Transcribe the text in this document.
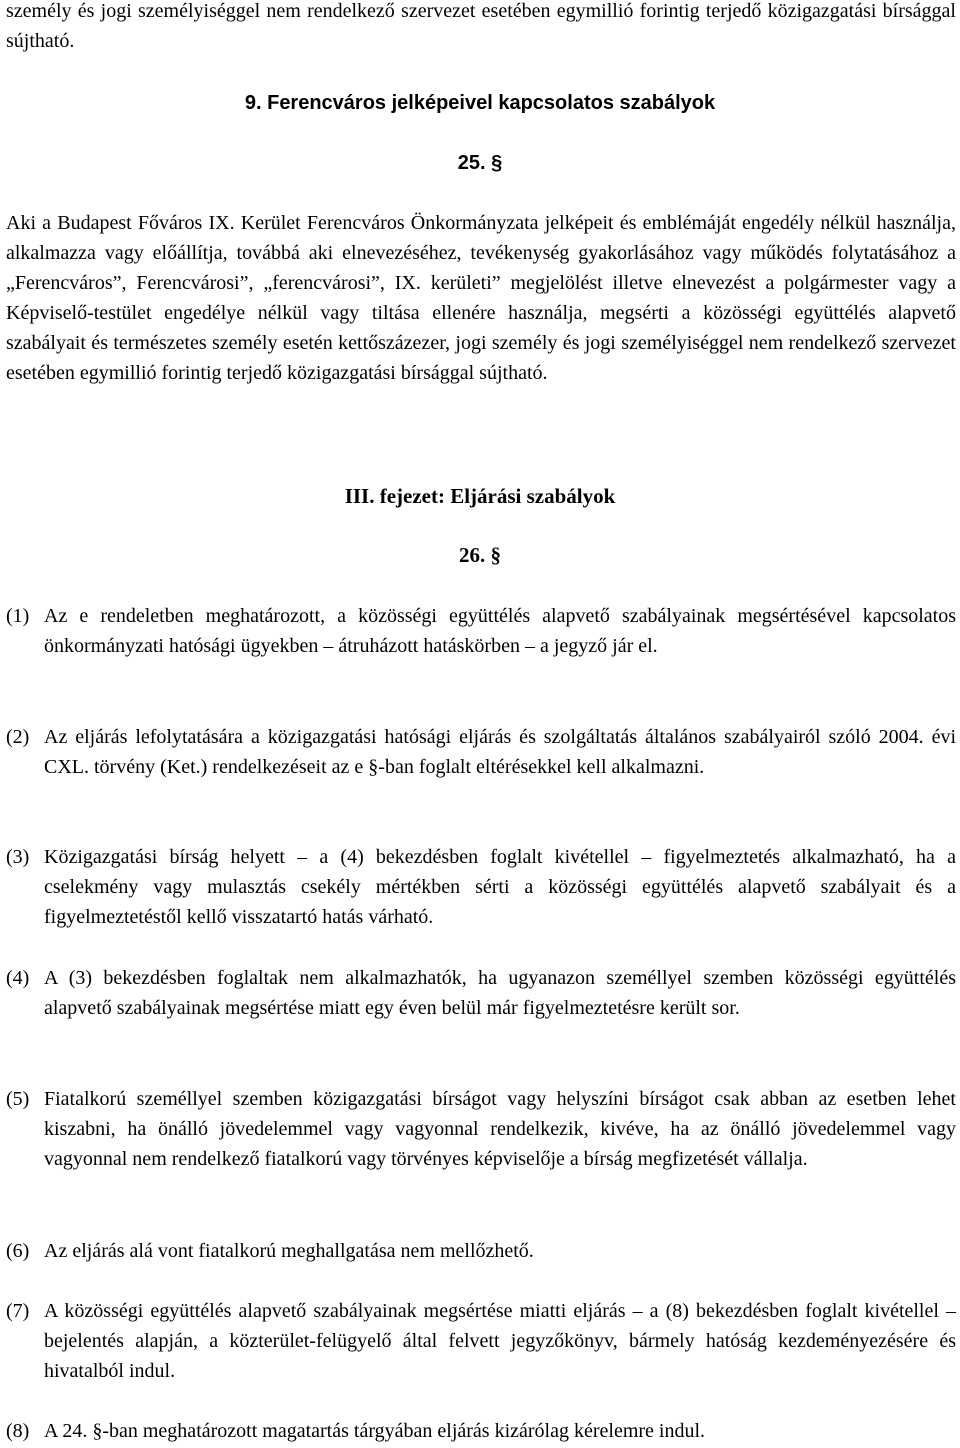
személy és jogi személyiséggel nem rendelkező szervezet esetében egymillió forintig terjedő közigazgatási bírsággal sújtható.
9. Ferencváros jelképeivel kapcsolatos szabályok
25. §
Aki a Budapest Főváros IX. Kerület Ferencváros Önkormányzata jelképeit és emblémáját engedély nélkül használja, alkalmazza vagy előállítja, továbbá aki elnevezéséhez, tevékenység gyakorlásához vagy működés folytatásához a „Ferencváros”, Ferencvárosi”, „ferencvárosi”, IX. kerületi” megjelölést illetve elnevezést a polgármester vagy a Képviselő-testület engedélye nélkül vagy tiltása ellenére használja, megsérti a közösségi együttélés alapvető szabályait és természetes személy esetén kettőszázezer, jogi személy és jogi személyiséggel nem rendelkező szervezet esetében egymillió forintig terjedő közigazgatási bírsággal sújtható.
III. fejezet: Eljárási szabályok
26. §
(1) Az e rendeletben meghatározott, a közösségi együttélés alapvető szabályainak megsértésével kapcsolatos önkormányzati hatósági ügyekben – átruházott hatáskörben – a jegyző jár el.
(2) Az eljárás lefolytatására a közigazgatási hatósági eljárás és szolgáltatás általános szabályairól szóló 2004. évi CXL. törvény (Ket.) rendelkezéseit az e §-ban foglalt eltérésekkel kell alkalmazni.
(3) Közigazgatási bírság helyett – a (4) bekezdésben foglalt kivétellel – figyelmeztetés alkalmazható, ha a cselekmény vagy mulasztás csekély mértékben sérti a közösségi együttélés alapvető szabályait és a figyelmeztetéstől kellő visszatartó hatás várható.
(4) A (3) bekezdésben foglaltak nem alkalmazhatók, ha ugyanazon személlyel szemben közösségi együttélés alapvető szabályainak megsértése miatt egy éven belül már figyelmeztetésre került sor.
(5) Fiatalkorú személlyel szemben közigazgatási bírságot vagy helyszíni bírságot csak abban az esetben lehet kiszabni, ha önálló jövedelemmel vagy vagyonnal rendelkezik, kivéve, ha az önálló jövedelemmel vagy vagyonnal nem rendelkező fiatalkorú vagy törvényes képviselője a bírság megfizetését vállalja.
(6) Az eljárás alá vont fiatalkorú meghallgatása nem mellőzhető.
(7) A közösségi együttélés alapvető szabályainak megsértése miatti eljárás – a (8) bekezdésben foglalt kivétellel – bejelentés alapján, a közterület-felügyelő által felvett jegyzőkönyv, bármely hatóság kezdeményezésére és hivatalból indul.
(8) A 24. §-ban meghatározott magatartás tárgyában eljárás kizárólag kérelemre indul.
